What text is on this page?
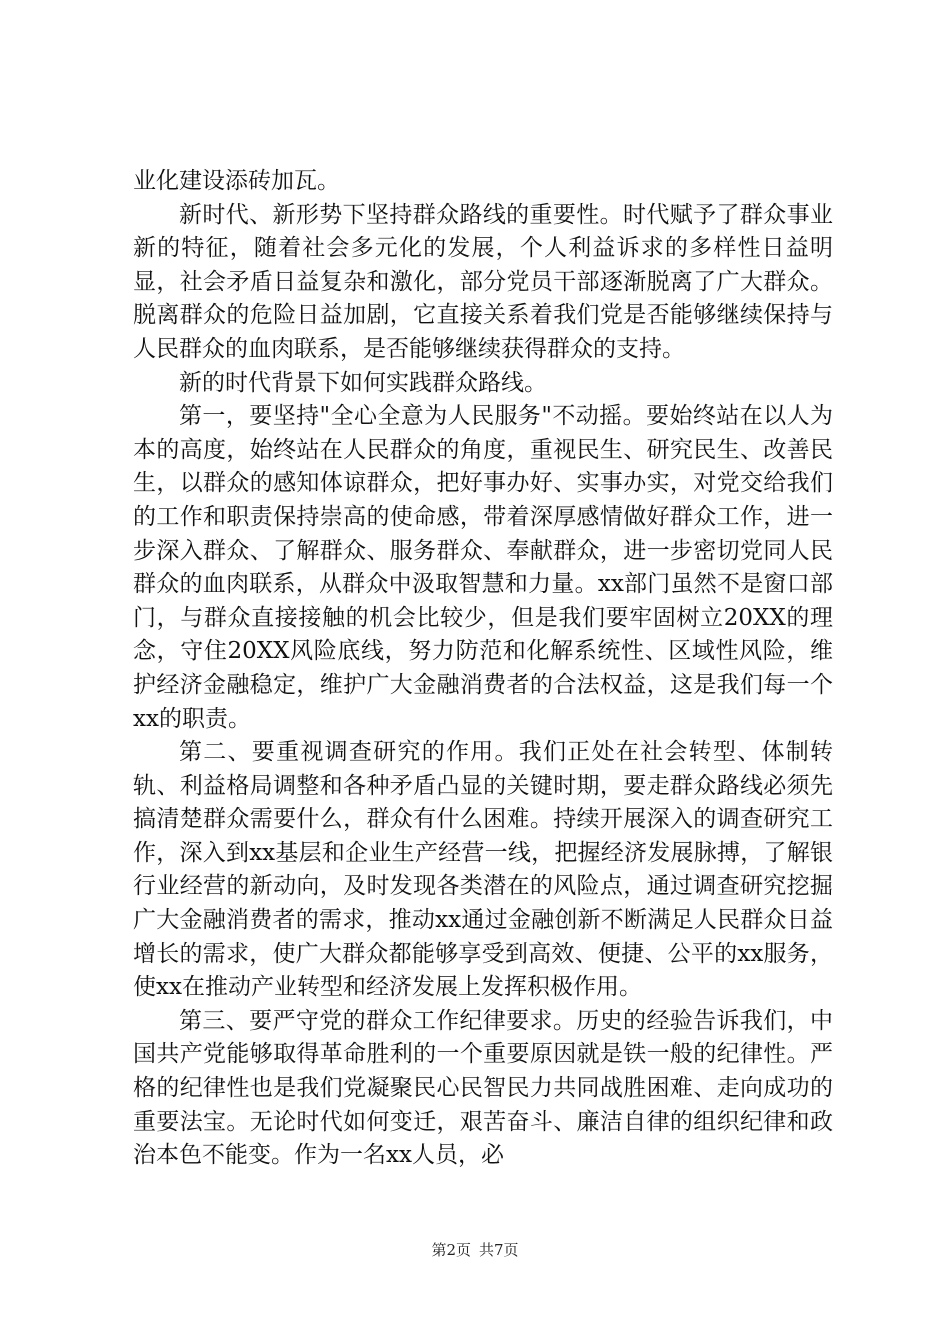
业化建设添砖加瓦。

新时代、新形势下坚持群众路线的重要性。时代赋予了群众事业新的特征，随着社会多元化的发展，个人利益诉求的多样性日益明显，社会矛盾日益复杂和激化，部分党员干部逐渐脱离了广大群众。脱离群众的危险日益加剧，它直接关系着我们党是否能够继续保持与人民群众的血肉联系，是否能够继续获得群众的支持。

新的时代背景下如何实践群众路线。

第一，要坚持"全心全意为人民服务"不动摇。要始终站在以人为本的高度，始终站在人民群众的角度，重视民生、研究民生、改善民生，以群众的感知体谅群众，把好事办好、实事办实，对党交给我们的工作和职责保持崇高的使命感，带着深厚感情做好群众工作，进一步深入群众、了解群众、服务群众、奉献群众，进一步密切党同人民群众的血肉联系，从群众中汲取智慧和力量。xx部门虽然不是窗口部门，与群众直接接触的机会比较少，但是我们要牢固树立20XX的理念，守住20XX风险底线，努力防范和化解系统性、区域性风险，维护经济金融稳定，维护广大金融消费者的合法权益，这是我们每一个xx的职责。

第二、要重视调查研究的作用。我们正处在社会转型、体制转轨、利益格局调整和各种矛盾凸显的关键时期，要走群众路线必须先搞清楚群众需要什么，群众有什么困难。持续开展深入的调查研究工作，深入到xx基层和企业生产经营一线，把握经济发展脉搏，了解银行业经营的新动向，及时发现各类潜在的风险点，通过调查研究挖掘广大金融消费者的需求，推动xx通过金融创新不断满足人民群众日益增长的需求，使广大群众都能够享受到高效、便捷、公平的xx服务，使xx在推动产业转型和经济发展上发挥积极作用。

第三、要严守党的群众工作纪律要求。历史的经验告诉我们，中国共产党能够取得革命胜利的一个重要原因就是铁一般的纪律性。严格的纪律性也是我们党凝聚民心民智民力共同战胜困难、走向成功的重要法宝。无论时代如何变迁，艰苦奋斗、廉洁自律的组织纪律和政治本色不能变。作为一名xx人员，必

第2页 共7页
